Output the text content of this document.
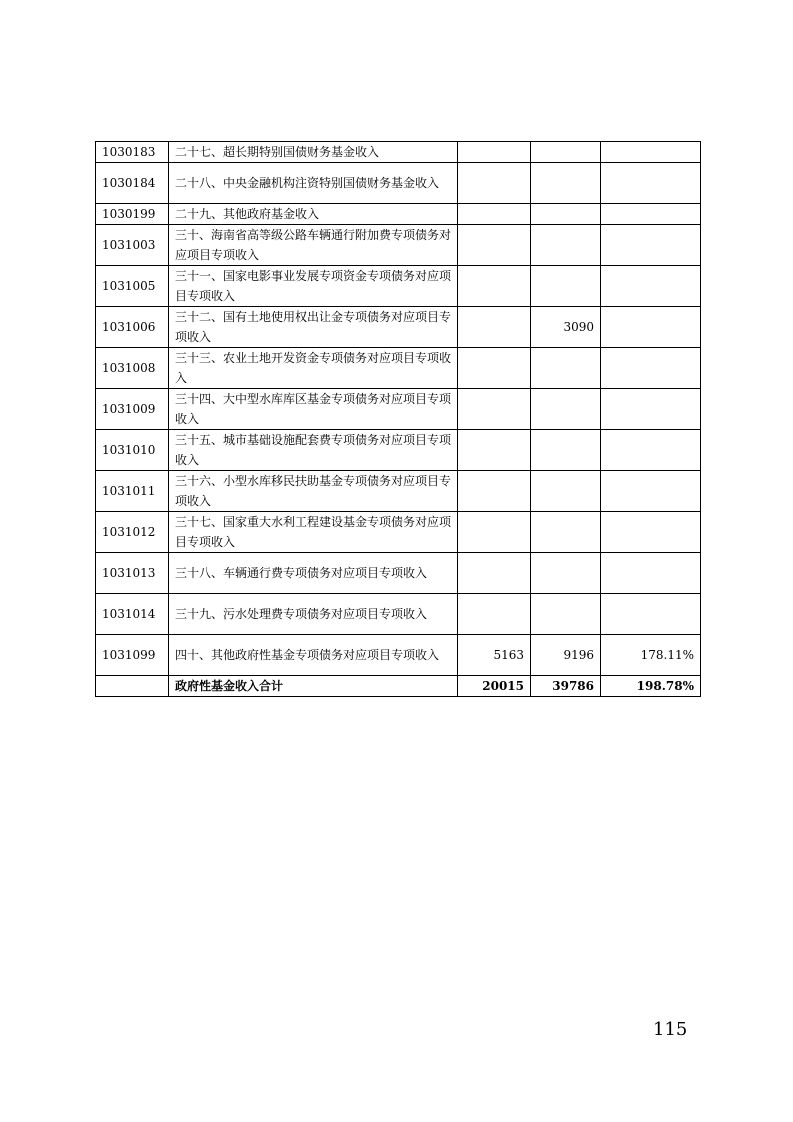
1030183	二十七、超长期特别国债财务基金收入			
1030184	二十八、中央金融机构注资特别国债财务基金收入			
1030199	二十九、其他政府基金收入			
1031003	三十、海南省高等级公路车辆通行附加费专项债务对应项目专项收入			
1031005	三十一、国家电影事业发展专项资金专项债务对应项目专项收入			
1031006	三十二、国有土地使用权出让金专项债务对应项目专项收入		3090	
1031008	三十三、农业土地开发资金专项债务对应项目专项收入			
1031009	三十四、大中型水库库区基金专项债务对应项目专项收入			
1031010	三十五、城市基础设施配套费专项债务对应项目专项收入			
1031011	三十六、小型水库移民扶助基金专项债务对应项目专项收入			
1031012	三十七、国家重大水利工程建设基金专项债务对应项目专项收入			
1031013	三十八、车辆通行费专项债务对应项目专项收入			
1031014	三十九、污水处理费专项债务对应项目专项收入			
1031099	四十、其他政府性基金专项债务对应项目专项收入	5163	9196	178.11%
	政府性基金收入合计	20015	39786	198.78%
115
